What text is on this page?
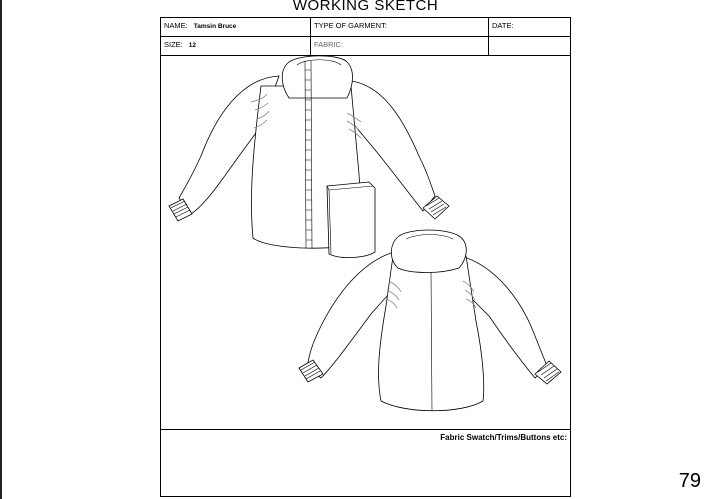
WORKING SKETCH
NAME: Tamsin Bruce	TYPE OF GARMENT:	DATE:
SIZE: 12	FABRIC:
Fabric Swatch/Trims/Buttons etc:
79
